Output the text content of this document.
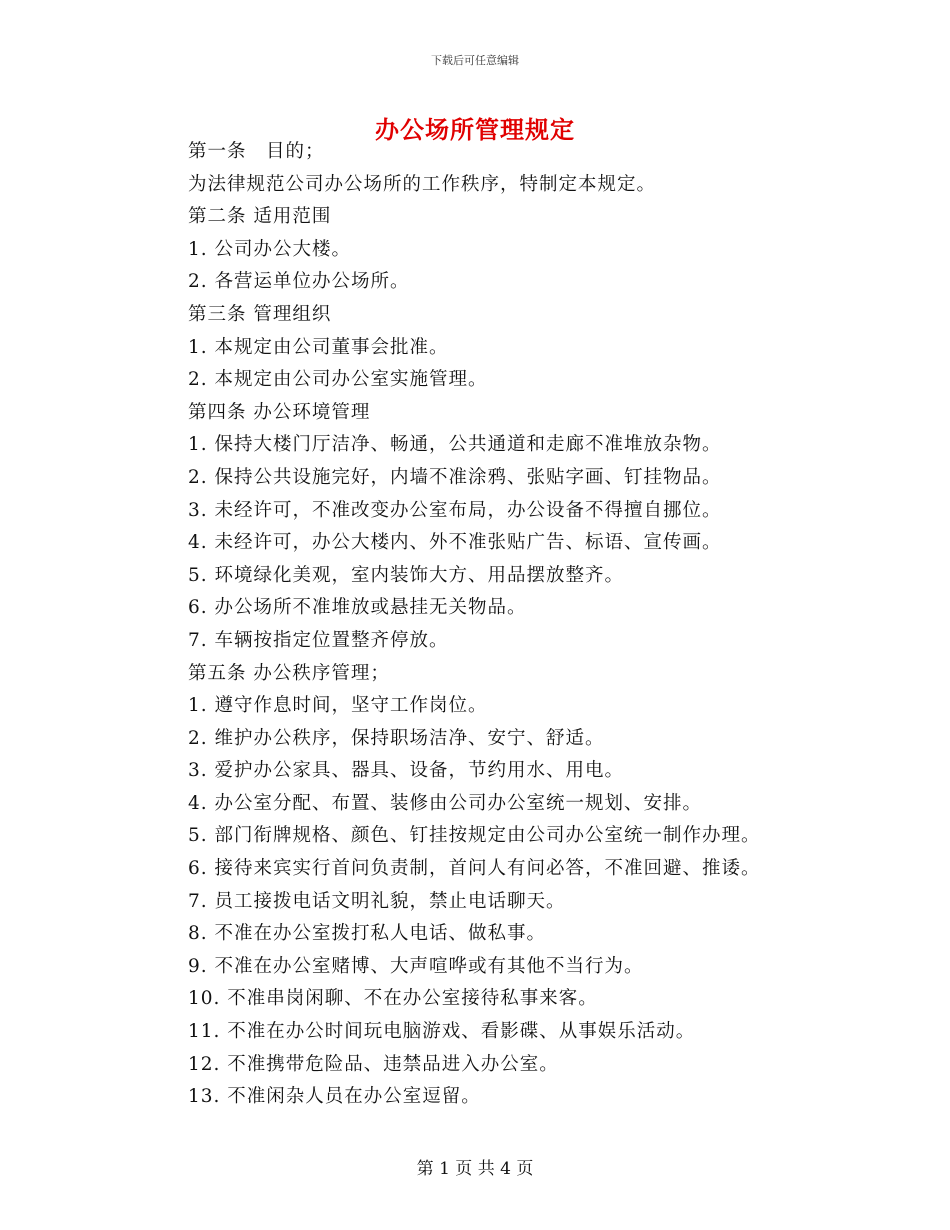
下载后可任意编辑
办公场所管理规定
第一条　目的；
为法律规范公司办公场所的工作秩序，特制定本规定。
第二条 适用范围
1. 公司办公大楼。
2. 各营运单位办公场所。
第三条 管理组织
1. 本规定由公司董事会批准。
2. 本规定由公司办公室实施管理。
第四条 办公环境管理
1. 保持大楼门厅洁净、畅通，公共通道和走廊不准堆放杂物。
2. 保持公共设施完好，内墙不准涂鸦、张贴字画、钉挂物品。
3. 未经许可，不准改变办公室布局，办公设备不得擅自挪位。
4. 未经许可，办公大楼内、外不准张贴广告、标语、宣传画。
5. 环境绿化美观，室内装饰大方、用品摆放整齐。
6. 办公场所不准堆放或悬挂无关物品。
7. 车辆按指定位置整齐停放。
第五条 办公秩序管理；
1. 遵守作息时间，坚守工作岗位。
2. 维护办公秩序，保持职场洁净、安宁、舒适。
3. 爱护办公家具、器具、设备，节约用水、用电。
4. 办公室分配、布置、装修由公司办公室统一规划、安排。
5. 部门衔牌规格、颜色、钉挂按规定由公司办公室统一制作办理。
6. 接待来宾实行首问负责制，首问人有问必答，不准回避、推诿。
7. 员工接拨电话文明礼貌，禁止电话聊天。
8. 不准在办公室拨打私人电话、做私事。
9. 不准在办公室赌博、大声喧哗或有其他不当行为。
10. 不准串岗闲聊、不在办公室接待私事来客。
11. 不准在办公时间玩电脑游戏、看影碟、从事娱乐活动。
12. 不准携带危险品、违禁品进入办公室。
13. 不准闲杂人员在办公室逗留。
第 1 页 共 4 页
